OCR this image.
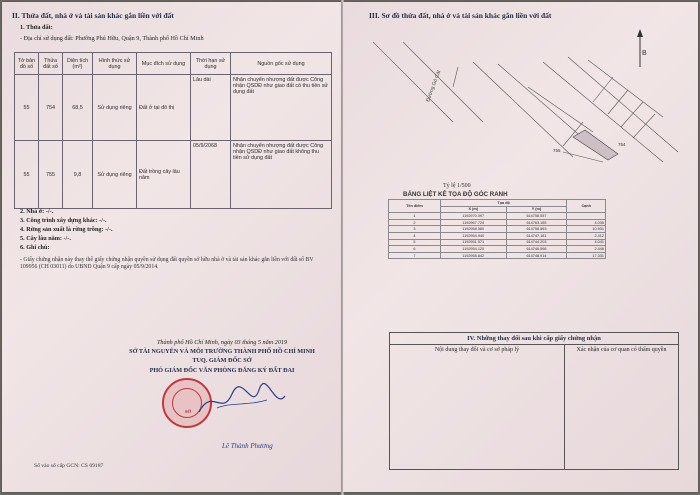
II. Thửa đất, nhà ở và tài sản khác gắn liền với đất
1. Thửa đất:
- Địa chỉ sử dụng đất: Phường Phú Hữu, Quận 9, Thành phố Hồ Chí Minh
Tờ bản đồ số	Thửa đất số	Diện tích (m²)	Hình thức sử dụng	Mục đích sử dụng	Thời hạn sử dụng	Nguồn gốc sử dụng
55	754	68,5	Sử dụng riêng	Đất ở tại đô thị	Lâu dài	Nhận chuyển nhượng đất được Công nhận QSDĐ như giao đất có thu tiền sử dụng đất
55	755	9,8	Sử dụng riêng	Đất trồng cây lâu năm	05/9/2068	Nhận chuyển nhượng đất được Công nhận QSDĐ như giao đất không thu tiền sử dụng đất
2. Nhà ở: -/-.
3. Công trình xây dựng khác: -/-.
4. Rừng sản xuất là rừng trồng: -/-.
5. Cây lâu năm: -/-.
6. Ghi chú:
- Giấy chứng nhận này thay thế giấy chứng nhận quyền sử dụng đất quyền sở hữu nhà ở và tài sản khác gắn liền với đất số BV 109956 (CH 03011) do UBND Quận 9 cấp ngày 05/9/2014.
Thành phố Hồ Chí Minh, ngày 03 tháng 5 năm 2019
SỞ TÀI NGUYÊN VÀ MÔI TRƯỜNG THÀNH PHỐ HỒ CHÍ MINH
TUQ. GIÁM ĐỐC SỞ
PHÓ GIÁM ĐỐC VĂN PHÒNG ĐĂNG KÝ ĐẤT ĐAI
SỞ
Lê Thành Phương
Số vào sổ cấp GCN: CS 09187
III. Sơ đồ thửa đất, nhà ở và tài sản khác gắn liền với đất
B
Đường Gò Cát
754
755
Tỷ lệ 1/500
BẢNG LIỆT KÊ TỌA ĐỘ GÓC RANH
Tên điểm	Tọa độ		Cạnh
	X (m)	Y (m)	
1	1192970.097	614758.557	
2	1192967.724	614763.155	4.035
3	1192958.580	614758.563	10.931
4	1192954.940	614747.181	2.412
5	1192951.571	614744.203	4.041
6	1192954.120	614746.598	2.446
7	1192958.842	614748.914	17.331
IV. Những thay đổi sau khi cấp giấy chứng nhận
Nội dung thay đổi và cơ sở pháp lý	Xác nhận của cơ quan có thẩm quyền
